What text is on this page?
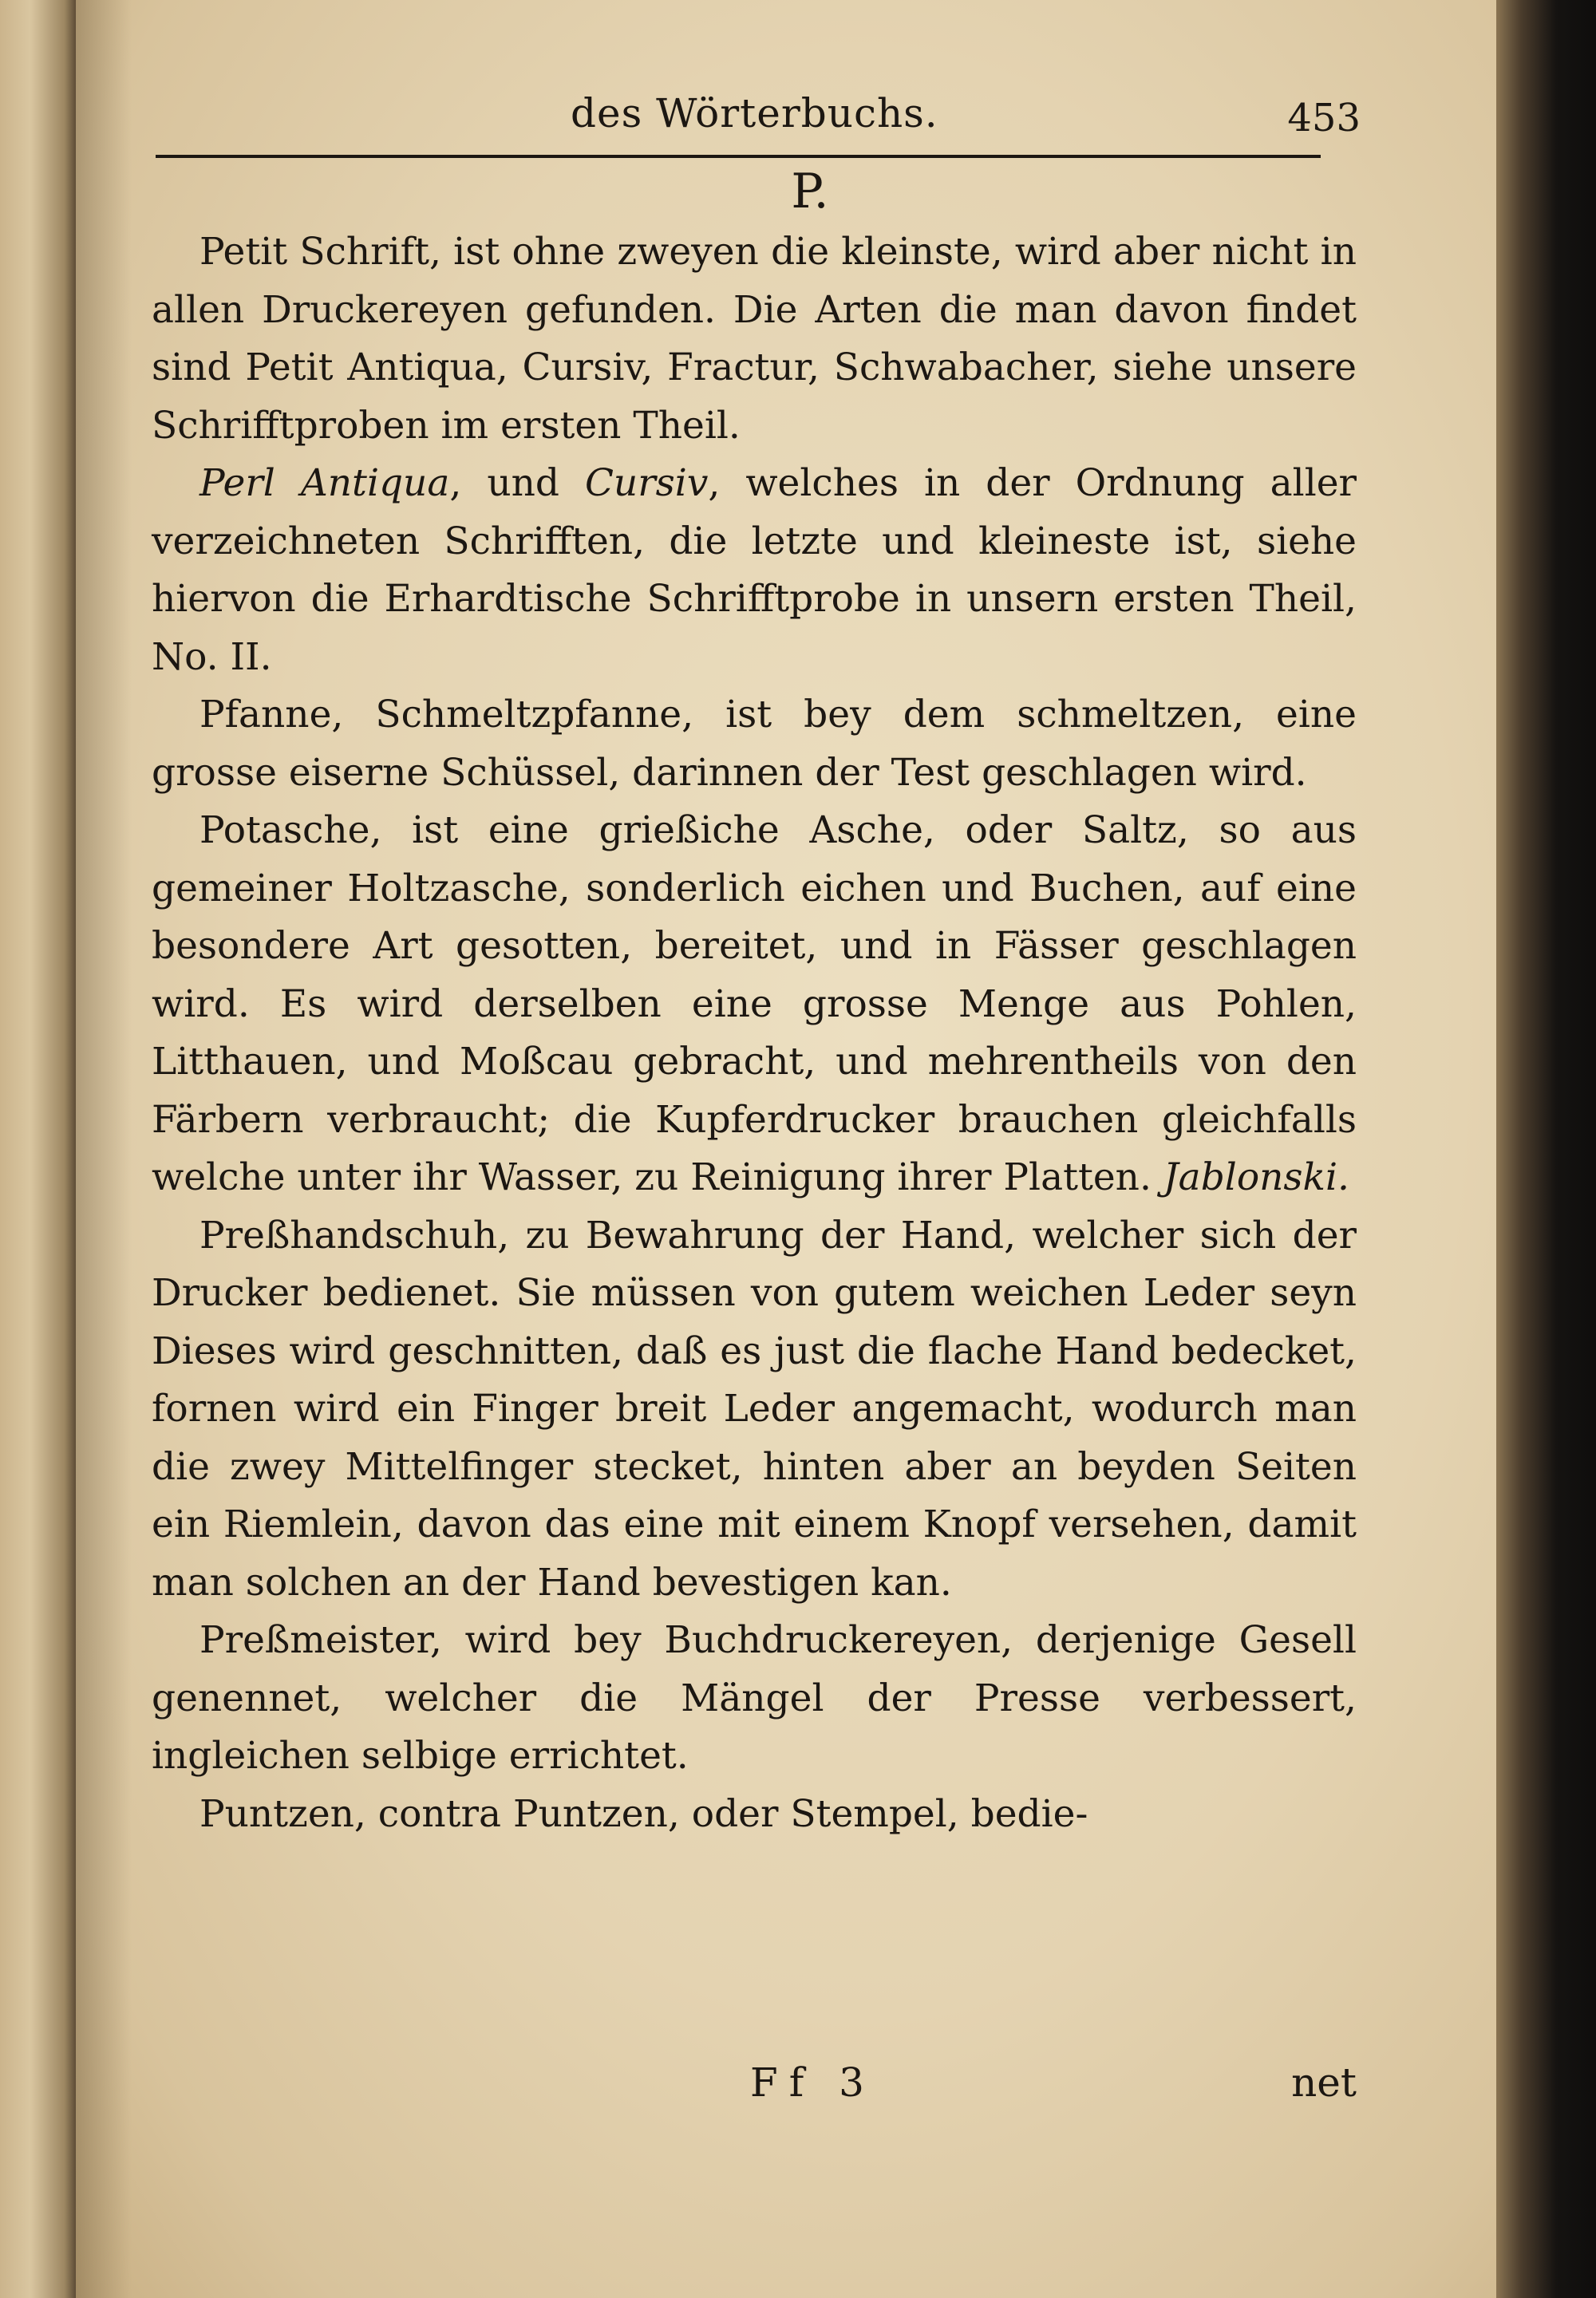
des Wörterbuchs.	453
P.

Petit Schrift, ist ohne zweyen die kleinste, wird aber nicht in allen Druckereyen gefunden. Die Arten die man davon findet sind Petit Antiqua, Cursiv, Fractur, Schwabacher, siehe unsere Schrifftproben im ersten Theil.

Perl Antiqua, und Cursiv, welches in der Ordnung aller verzeichneten Schrifften, die letzte und kleineste ist, siehe hiervon die Erhardtische Schrifftprobe in unsern ersten Theil, No. II.

Pfanne, Schmeltzpfanne, ist bey dem schmeltzen, eine grosse eiserne Schüssel, darinnen der Test geschlagen wird.

Potasche, ist eine grießiche Asche, oder Saltz, so aus gemeiner Holtzasche, sonderlich eichen und Buchen, auf eine besondere Art gesotten, bereitet, und in Fässer geschlagen wird. Es wird derselben eine grosse Menge aus Pohlen, Litthauen, und Moßcau gebracht, und mehrentheils von den Färbern verbraucht; die Kupferdrucker brauchen gleichfalls welche unter ihr Wasser, zu Reinigung ihrer Platten. Jablonski.

Preßhandschuh, zu Bewahrung der Hand, welcher sich der Drucker bedienet. Sie müssen von gutem weichen Leder seyn Dieses wird geschnitten, daß es just die flache Hand bedecket, fornen wird ein Finger breit Leder angemacht, wodurch man die zwey Mittelfinger stecket, hinten aber an beyden Seiten ein Riemlein, davon das eine mit einem Knopf versehen, damit man solchen an der Hand bevestigen kan.

Preßmeister, wird bey Buchdruckereyen, derjenige Gesell genennet, welcher die Mängel der Presse verbessert, ingleichen selbige errichtet.

Puntzen, contra Puntzen, oder Stempel, bedie-

Ff 3	net
